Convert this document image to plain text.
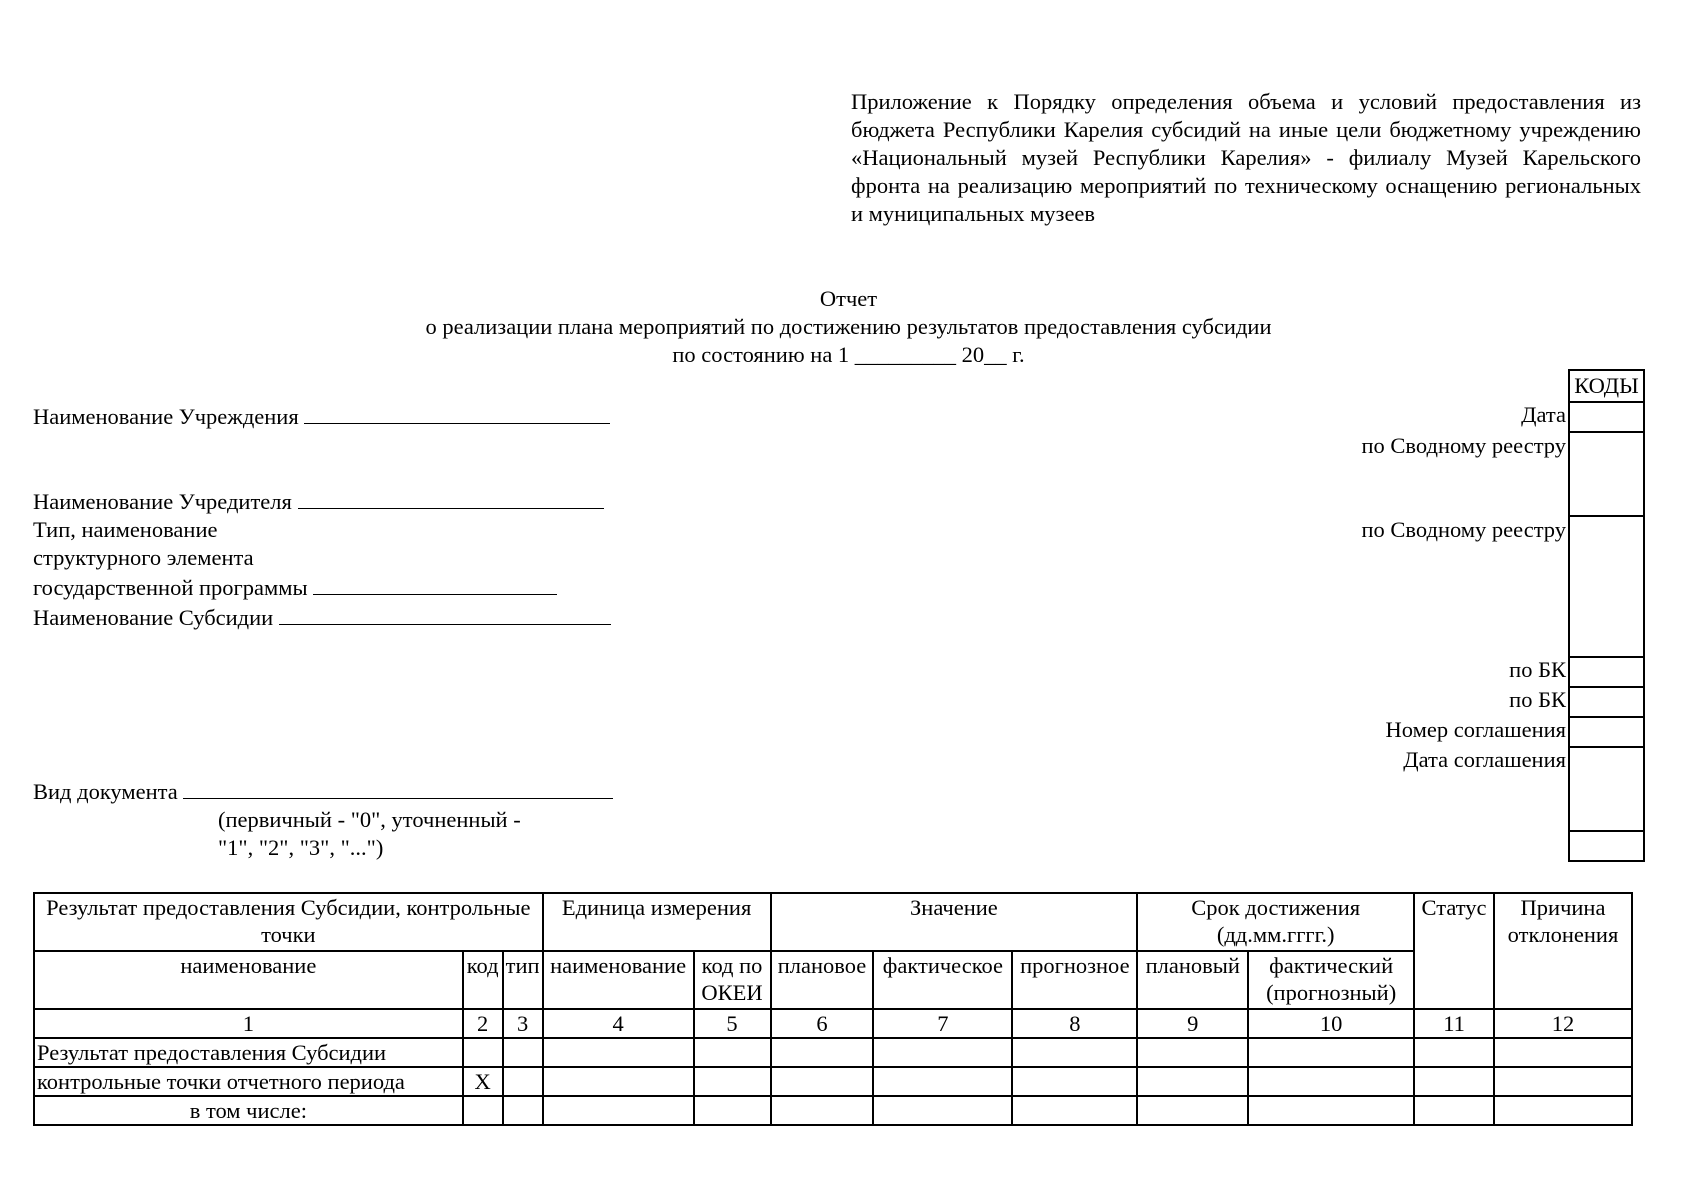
Приложение к Порядку определения объема и условий предоставления из бюджета Республики Карелия субсидий на иные цели бюджетному учреждению «Национальный музей Республики Карелия» - филиалу Музей Карельского фронта на реализацию мероприятий по техническому оснащению региональных и муниципальных музеев
Отчет
о реализации плана мероприятий по достижению результатов предоставления субсидии
по состоянию на 1 _________ 20__ г.
Наименование Учреждения
Наименование Учредителя
Тип, наименование
структурного элемента
государственной программы
Наименование Субсидии
Вид документа
(первичный - "0", уточненный -
"1", "2", "3", "...")
Дата
по Сводному реестру
по Сводному реестру
по БК
по БК
Номер соглашения
Дата соглашения
КОДЫ
Результат предоставления Субсидии, контрольные точки			Единица измерения		Значение			Срок достижения (дд.мм.гггг.)		Статус	Причина отклонения
наименование	код	тип	наименование	код по ОКЕИ	плановое	фактическое	прогнозное	плановый	фактический (прогнозный)		
1	2	3	4	5	6	7	8	9	10	11	12
Результат предоставления Субсидии											
контрольные точки отчетного периода	X										
в том числе:											
